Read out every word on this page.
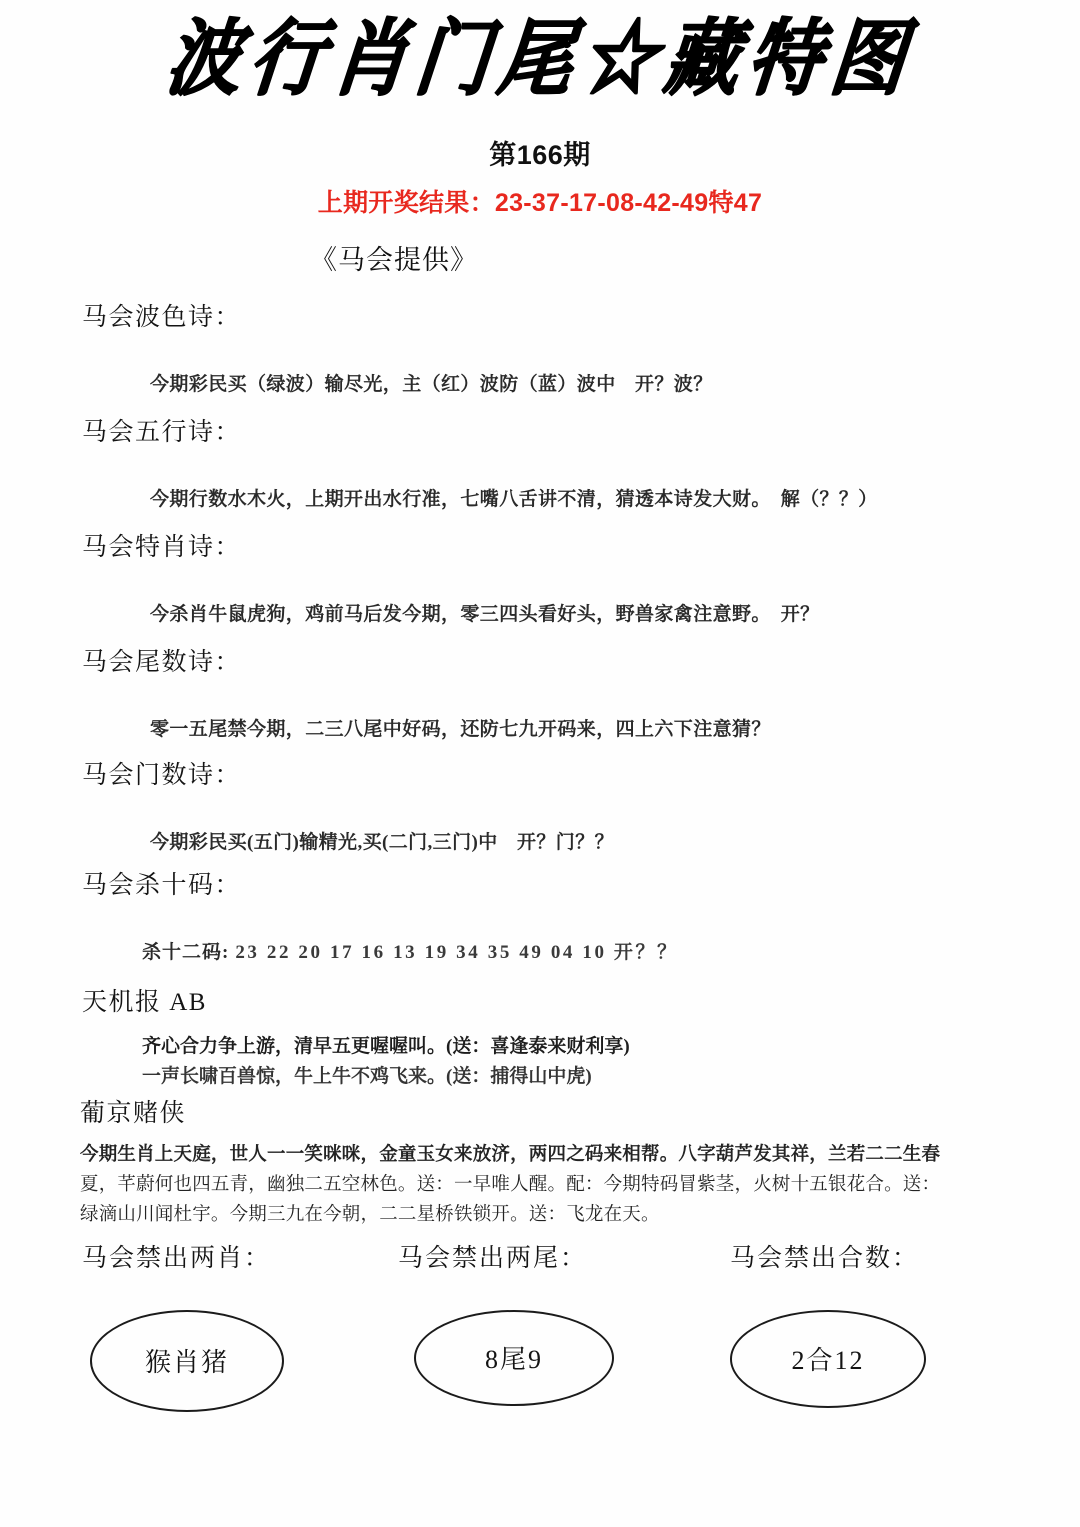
波行肖门尾☆藏特图
第166期
上期开奖结果：23-37-17-08-42-49特47
《马会提供》
马会波色诗：
今期彩民买（绿波）输尽光，主（红）波防（蓝）波中　开？波？
马会五行诗：
今期行数水木火，上期开出水行准，七嘴八舌讲不清，猜透本诗发大财。　解（？？）
马会特肖诗：
今杀肖牛鼠虎狗，鸡前马后发今期，零三四头看好头，野兽家禽注意野。　开？
马会尾数诗：
零一五尾禁今期，二三八尾中好码，还防七九开码来，四上六下注意猜？
马会门数诗：
今期彩民买(五门)输精光,买(二门,三门)中　开？门？？
马会杀十码：
杀十二码: 23 22 20 17 16 13 19 34 35 49 04 10 开？？
天机报 AB
齐心合力争上游，清早五更喔喔叫。(送：喜逢泰来财利享)
一声长啸百兽惊，牛上牛不鸡飞来。(送：捕得山中虎)
葡京赌侠
今期生肖上天庭，世人一一笑咪咪，金童玉女来放济，两四之码来相帮。八字葫芦发其祥，兰若二二生春
夏，芊蔚何也四五青，幽独二五空林色。送：一早唯人醒。配：今期特码冒紫茎，火树十五银花合。送：
绿滴山川闻杜宇。今期三九在今朝，二二星桥铁锁开。送：飞龙在天。
马会禁出两肖：
猴肖猪
马会禁出两尾：
8尾9
马会禁出合数：
2合12
